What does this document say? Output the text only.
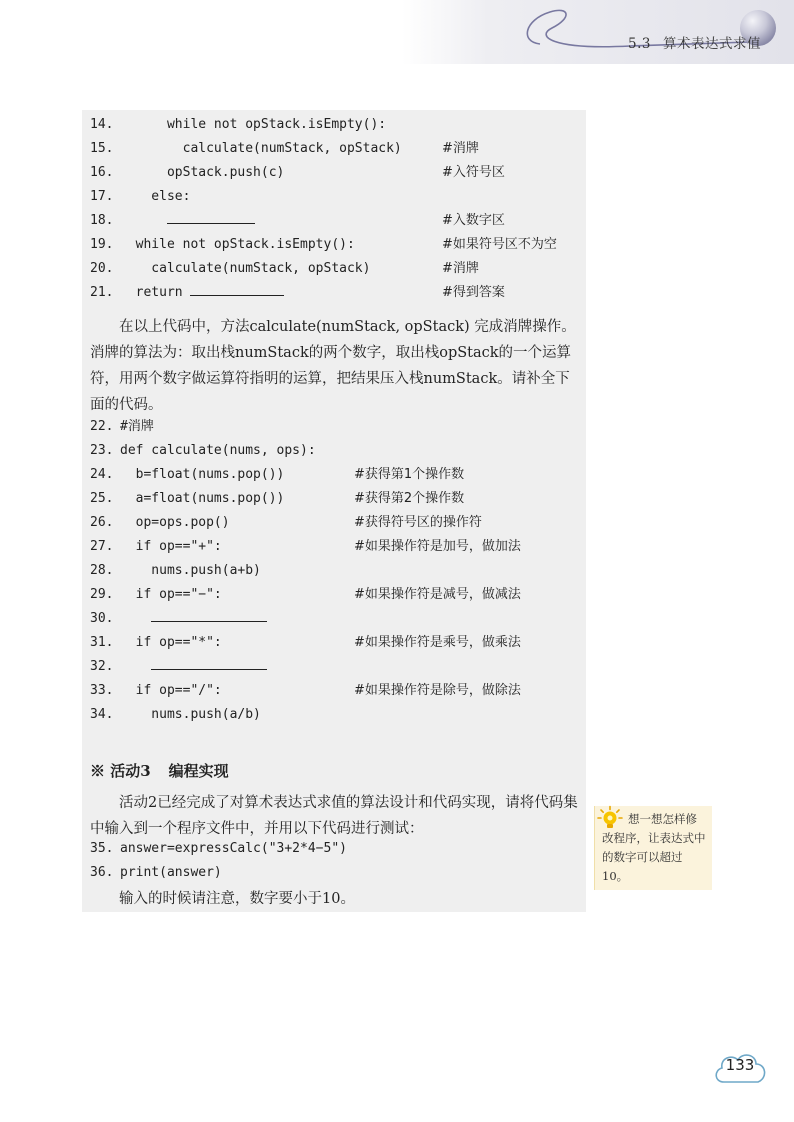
5.3 算术表达式求值
14. while not opStack.isEmpty():
15. calculate(numStack, opStack)	#消牌
16. opStack.push(c)	#入符号区
17. else:
18.
	#入数字区
19. while not opStack.isEmpty():	#如果符号区不为空
20. calculate(numStack, opStack)	#消牌
21. return	#得到答案

在以上代码中，方法calculate(numStack, opStack) 完成消牌操作。消牌的算法为：取出栈numStack的两个数字，取出栈opStack的一个运算符，用两个数字做运算符指明的运算，把结果压入栈numStack。请补全下面的代码。

22. #消牌
23. def calculate(nums, ops):
24. b=float(nums.pop())	#获得第1个操作数
25. a=float(nums.pop())	#获得第2个操作数
26. op=ops.pop()	#获得符号区的操作符
27. if op=="+":	#如果操作符是加号，做加法
28. nums.push(a+b)
29. if op=="−":	#如果操作符是减号，做减法
30.

31. if op=="*":	#如果操作符是乘号，做乘法
32.

33. if op=="/":	#如果操作符是除号，做除法
34. nums.push(a/b)
※ 活动3 编程实现

活动2已经完成了对算术表达式求值的算法设计和代码实现，请将代码集中输入到一个程序文件中，并用以下代码进行测试：

35. answer=expressCalc("3+2*4−5")
36. print(answer)

输入的时候请注意，数字要小于10。

想一想怎样修改程序，让表达式中的数字可以超过10。
133
